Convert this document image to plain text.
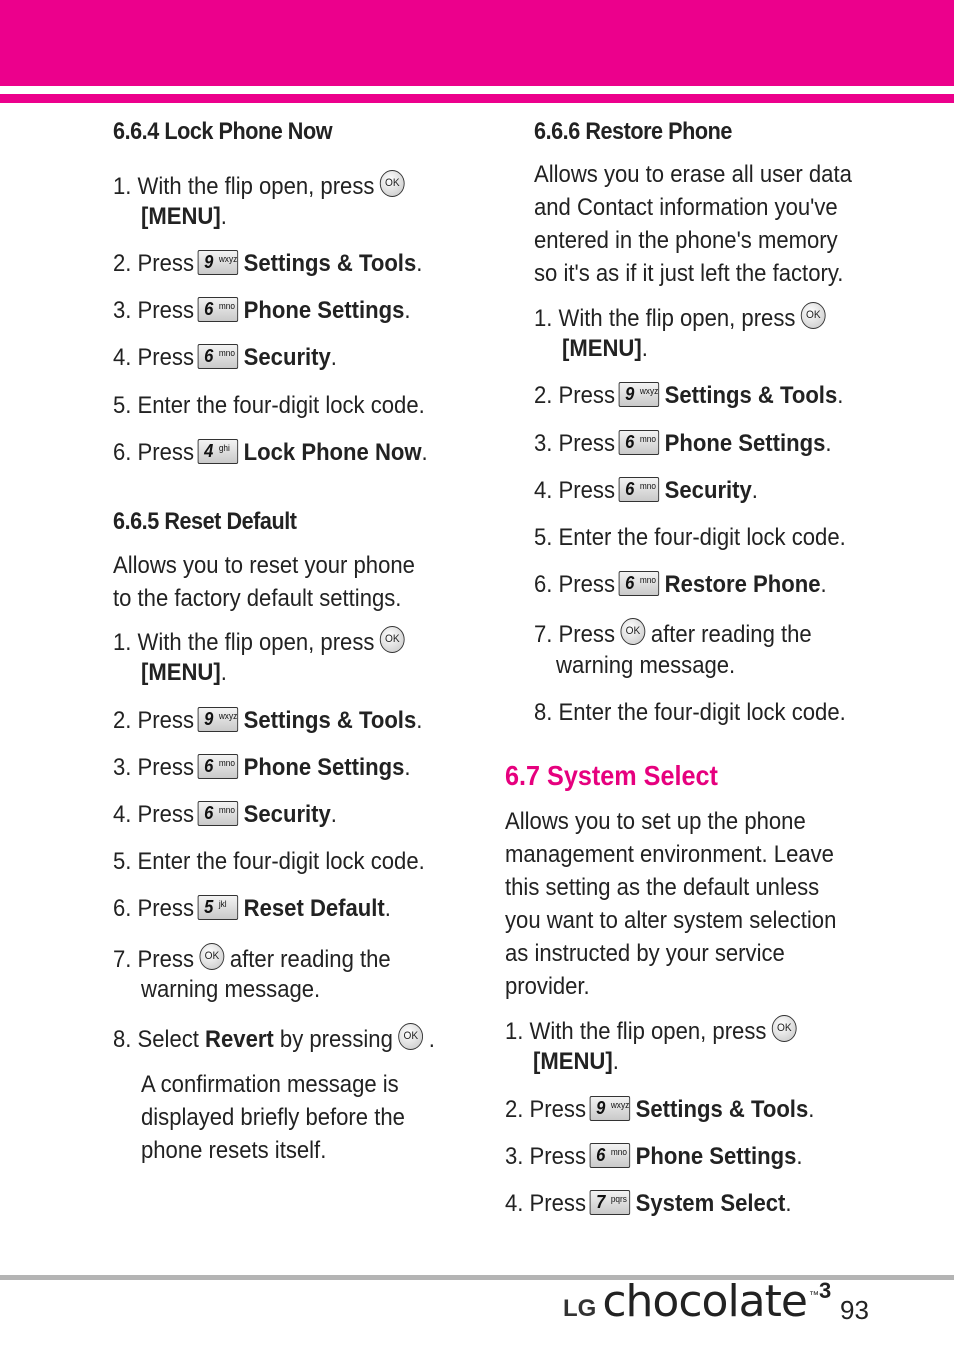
6.6.4 Lock Phone Now
1. With the flip open, press OK
[MENU].
2. Press 9 wxyz Settings & Tools.
3. Press 6 mno Phone Settings.
4. Press 6 mno Security.
5. Enter the four-digit lock code.
6. Press 4 ghi Lock Phone Now.
6.6.5 Reset Default
Allows you to reset your phone
to the factory default settings.
1. With the flip open, press OK
[MENU].
2. Press 9 wxyz Settings & Tools.
3. Press 6 mno Phone Settings.
4. Press 6 mno Security.
5. Enter the four-digit lock code.
6. Press 5 jkl Reset Default.
7. Press OK after reading the
warning message.
8. Select Revert by pressing OK .
A confirmation message is
displayed briefly before the
phone resets itself.
6.6.6 Restore Phone
Allows you to erase all user data
and Contact information you've
entered in the phone's memory
so it's as if it just left the factory.
1. With the flip open, press OK
[MENU].
2. Press 9 wxyz Settings & Tools.
3. Press 6 mno Phone Settings.
4. Press 6 mno Security.
5. Enter the four-digit lock code.
6. Press 6 mno Restore Phone.
7. Press OK after reading the
warning message.
8. Enter the four-digit lock code.
6.7 System Select
Allows you to set up the phone
management environment. Leave
this setting as the default unless
you want to alter system selection
as instructed by your service
provider.
1. With the flip open, press OK
[MENU].
2. Press 9 wxyz Settings & Tools.
3. Press 6 mno Phone Settings.
4. Press 7 pqrs System Select.
LG chocolate ™3
93
